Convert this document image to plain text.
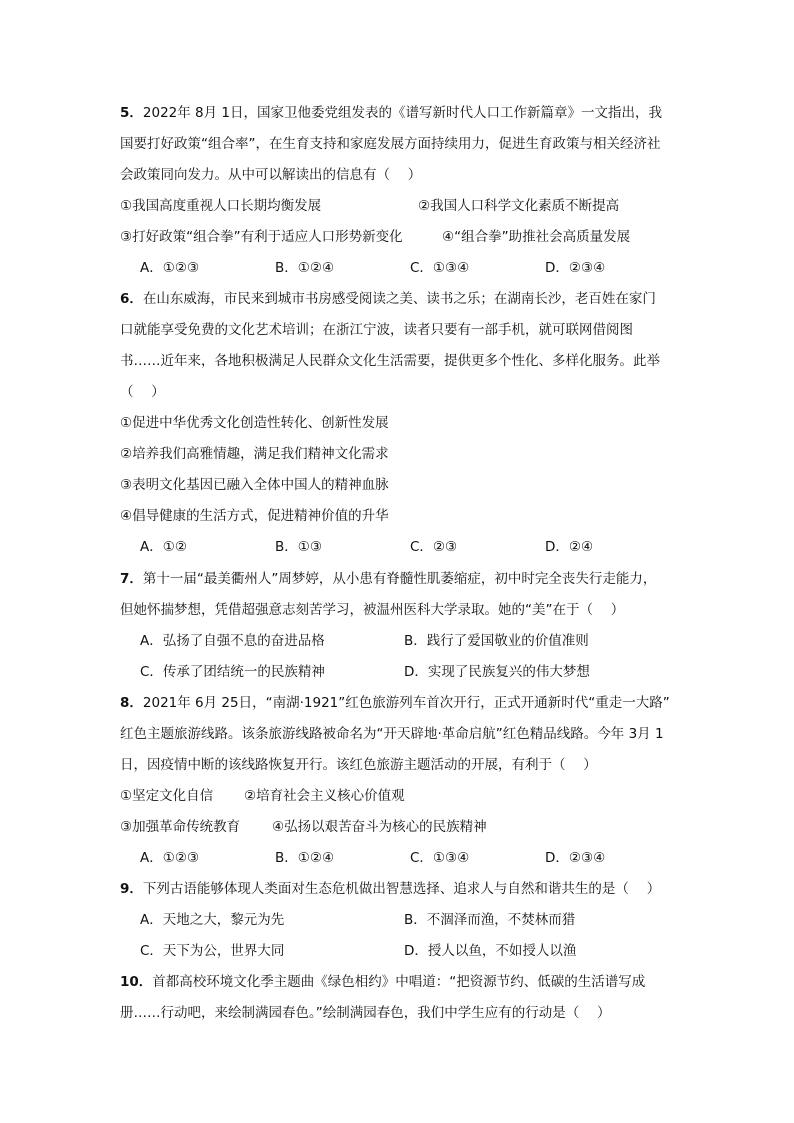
5．2022年 8月 1日，国家卫他委党组发表的《谱写新时代人口工作新篇章》一文指出，我
国要打好政策“组合率”，在生育支持和家庭发展方面持续用力，促进生育政策与相关经济社
会政策同向发力。从中可以解读出的信息有（　 ）
①我国高度重视人口长期均衡发展	②我国人口科学文化素质不断提高
③打好政策“组合拳”有利于适应人口形势新变化	④“组合拳”助推社会高质量发展
A．①②③	B．①②④	C．①③④	D．②③④
6．在山东威海，市民来到城市书房感受阅读之美、读书之乐；在湖南长沙，老百姓在家门
口就能享受免费的文化艺术培训；在浙江宁波，读者只要有一部手机，就可联网借阅图
书……近年来，各地积极满足人民群众文化生活需要，提供更多个性化、多样化服务。此举
（　 ）
①促进中华优秀文化创造性转化、创新性发展
②培养我们高雅情趣，满足我们精神文化需求
③表明文化基因已融入全体中国人的精神血脉
④倡导健康的生活方式，促进精神价值的升华
A．①②	B．①③	C．②③	D．②④
7．第十一届“最美衢州人”周梦婷，从小患有脊髓性肌萎缩症，初中时完全丧失行走能力，
但她怀揣梦想，凭借超强意志刻苦学习，被温州医科大学录取。她的“美”在于（　 ）
A．弘扬了自强不息的奋进品格	B．践行了爱国敬业的价值准则
C．传承了团结统一的民族精神	D．实现了民族复兴的伟大梦想
8．2021年 6月 25日，“南湖·1921”红色旅游列车首次开行，正式开通新时代“重走一大路”
红色主题旅游线路。该条旅游线路被命名为“开天辟地·革命启航”红色精品线路。今年 3月 1
日，因疫情中断的该线路恢复开行。该红色旅游主题活动的开展，有利于（　 ）
①坚定文化自信	②培育社会主义核心价值观
③加强革命传统教育	④弘扬以艰苦奋斗为核心的民族精神
A．①②③	B．①②④	C．①③④	D．②③④
9．下列古语能够体现人类面对生态危机做出智慧选择、追求人与自然和谐共生的是（　 ）
A．天地之大，黎元为先	B．不涸泽而渔，不焚林而猎
C．天下为公，世界大同	D．授人以鱼，不如授人以渔
10．首都高校环境文化季主题曲《绿色相约》中唱道：“把资源节约、低碳的生活谱写成
册……行动吧，来绘制满园春色。”绘制满园春色，我们中学生应有的行动是（　 ）
